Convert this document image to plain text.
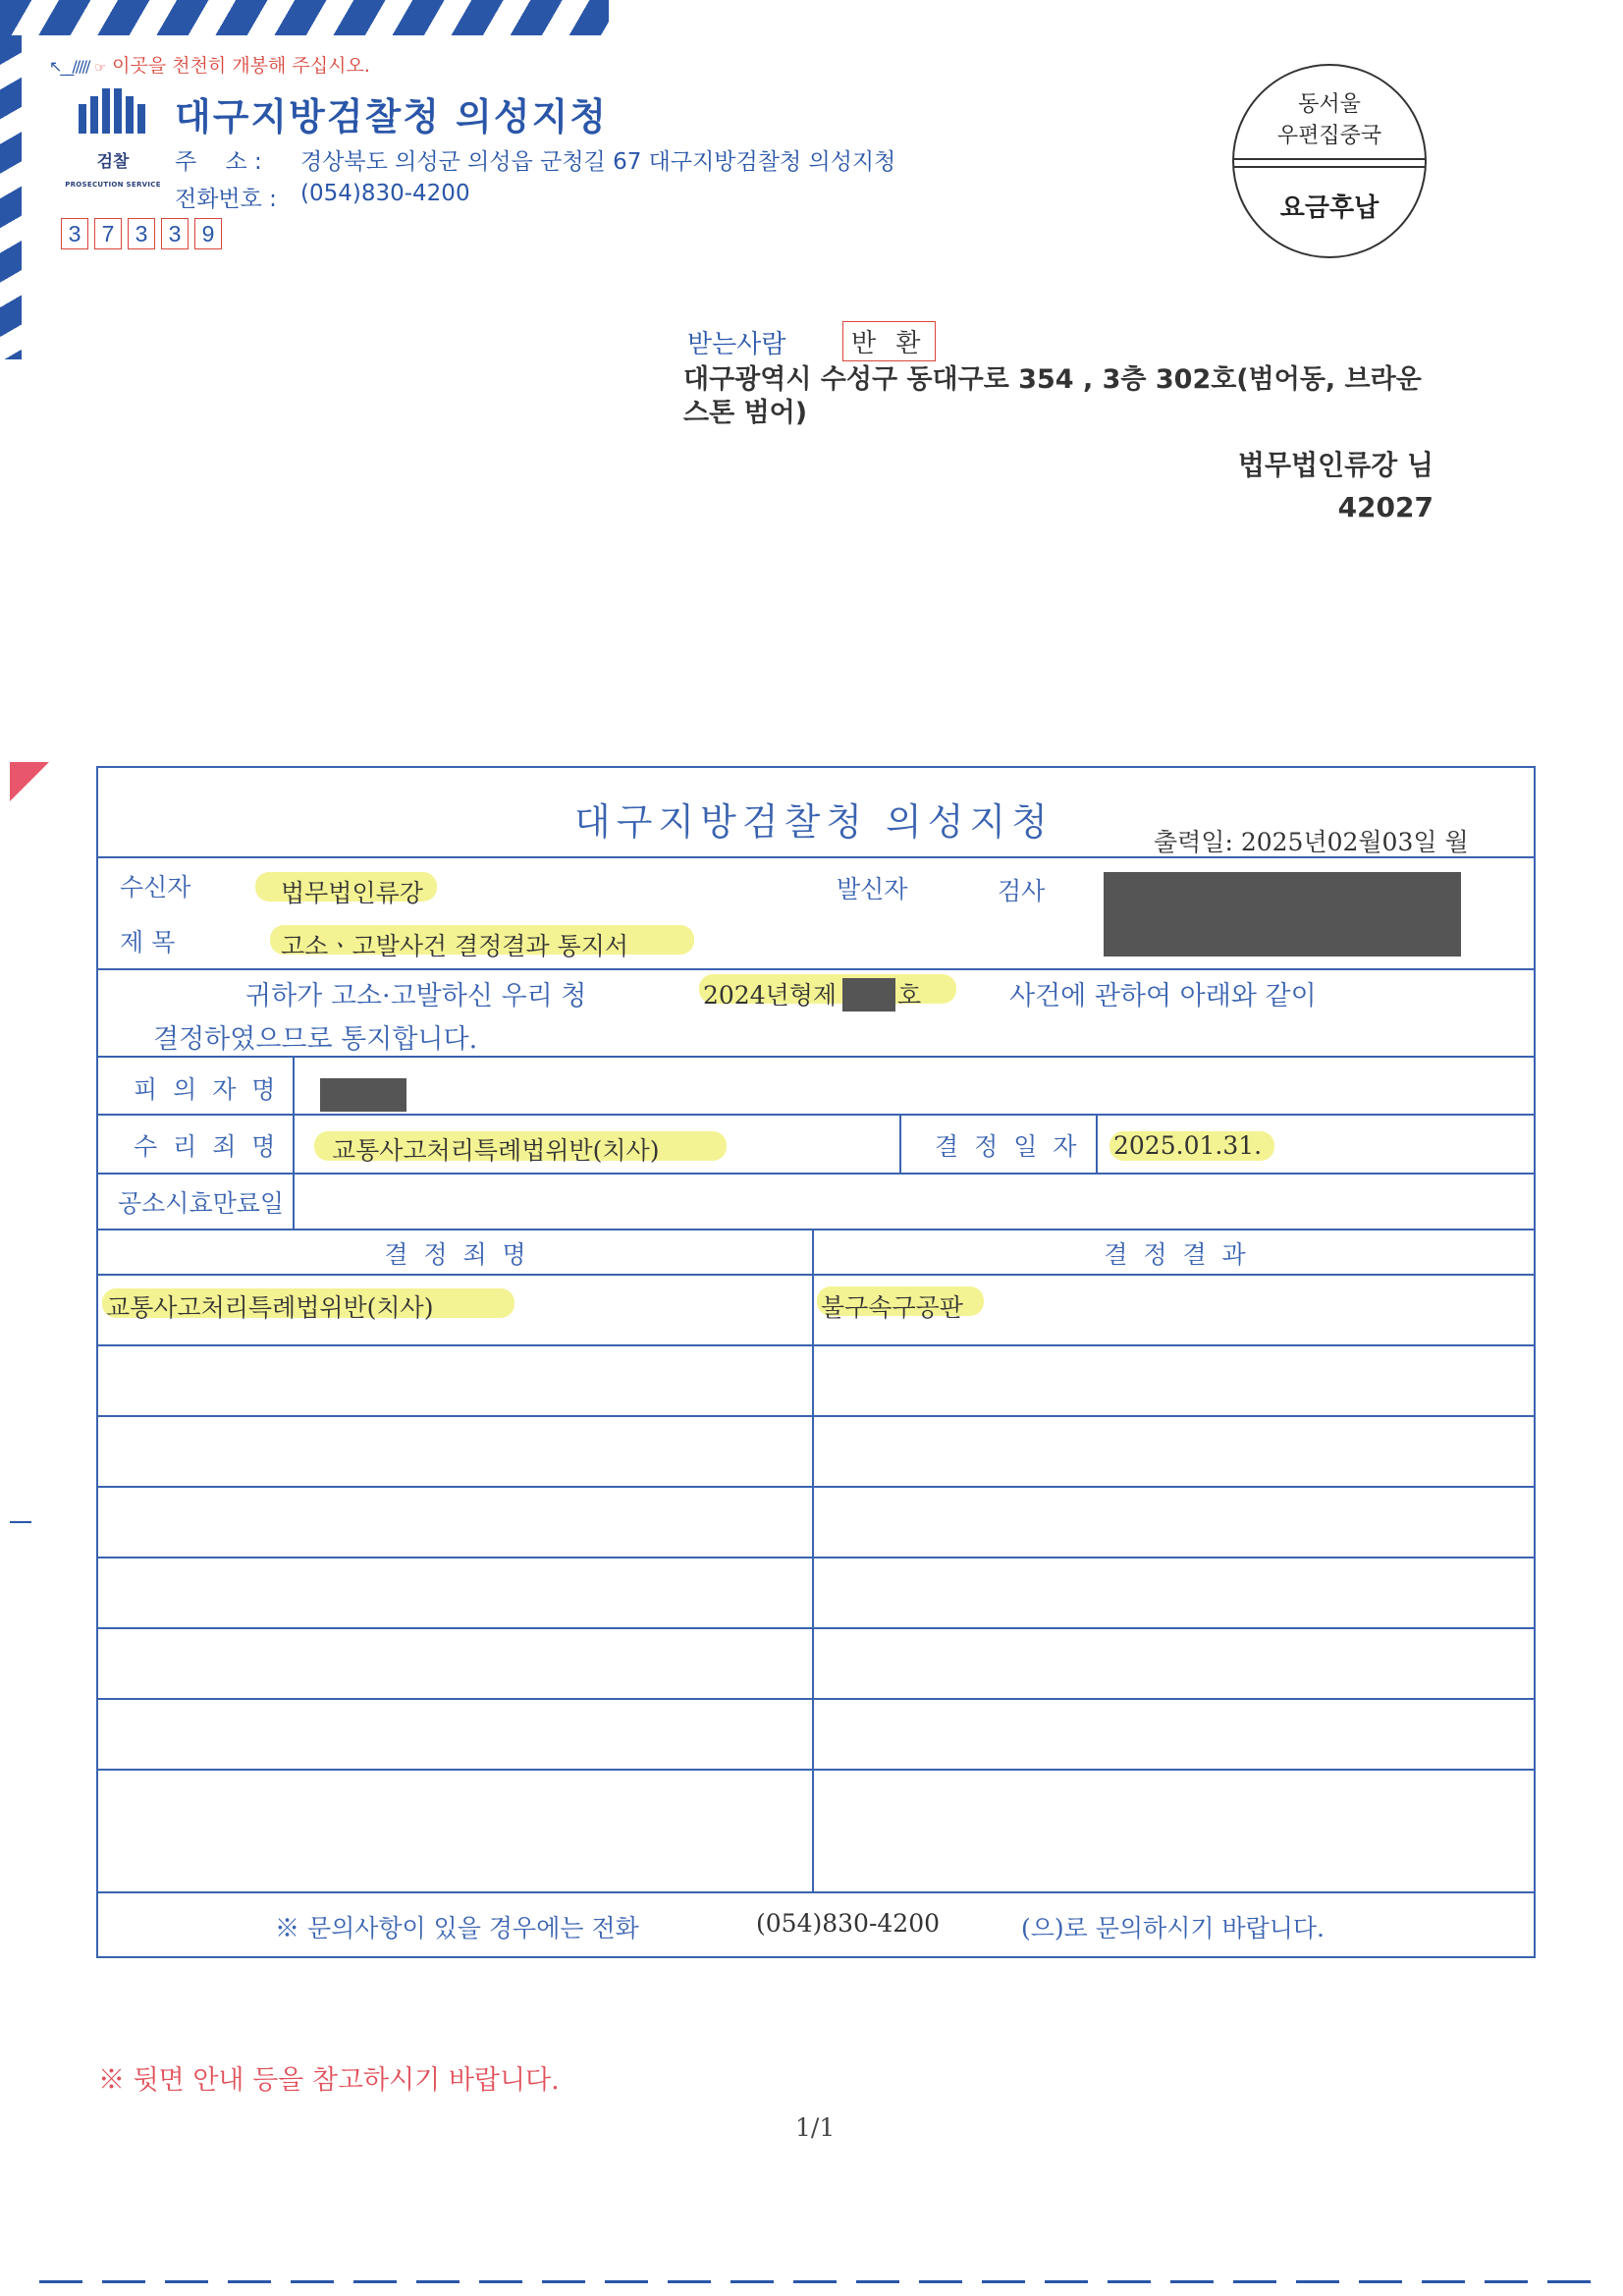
↖__///// ☞ 이곳을 천천히 개봉해 주십시오.
검찰
PROSECUTION SERVICE
대구지방검찰청 의성지청
주    소 : 경상북도 의성군 의성읍 군청길 67 대구지방검찰청 의성지청
전화번호 : (054)830-4200
3 7 3 3 9
동서울
우편집중국
요금후납
받는사람	반 환
대구광역시 수성구 동대구로 354 , 3층 302호(범어동, 브라운스톤 범어)
법무법인류강 님
42027
대구지방검찰청 의성지청	출력일: 2025년02월03일 월
수신자	법무법인류강	발신자	검사
제 목	고소ㆍ고발사건 결정결과 통지서
귀하가 고소·고발하신 우리 청	2024년형제 호	사건에 관하여 아래와 같이
결정하였으므로 통지합니다.
피 의 자 명
수 리 죄 명 교통사고처리특례법위반(치사)	결 정 일 자 2025.01.31.
공소시효만료일
결  정  죄  명	결  정  결  과
교통사고처리특례법위반(치사)	불구속구공판
※ 문의사항이 있을 경우에는 전화	(054)830-4200	(으)로 문의하시기 바랍니다.
※ 뒷면 안내 등을 참고하시기 바랍니다.
1/1
